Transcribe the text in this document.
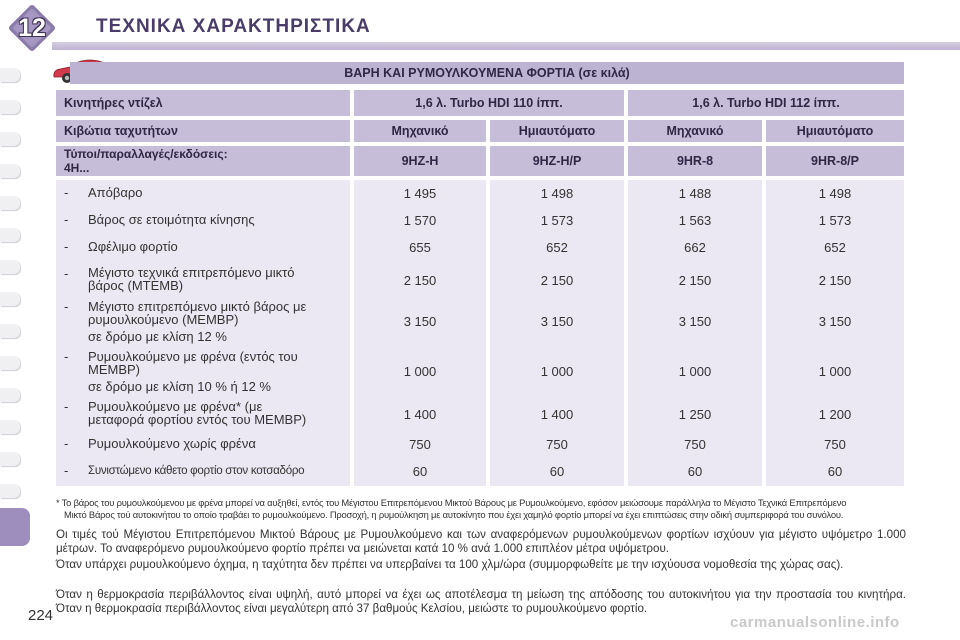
12	ΤΕΧΝΙΚΑ ΧΑΡΑΚΤΗΡΙΣΤΙΚΑ
ΒΑΡΗ ΚΑΙ ΡΥΜΟΥΛΚΟΥΜΕΝΑ ΦΟΡΤΙΑ (σε κιλά)
Κινητήρες ντίζελ	1,6 λ. Turbo HDI 110 ίππ.	1,6 λ. Turbo HDI 112 ίππ.
Κιβώτια ταχυτήτων	Μηχανικό	Ημιαυτόματο	Μηχανικό	Ημιαυτόματο
Τύποι/παραλλαγές/εκδόσεις:
4H...	9HZ-H	9HZ-H/P	9HR-8	9HR-8/P
- Απόβαρο	1 495	1 498	1 488	1 498
- Βάρος σε ετοιμότητα κίνησης	1 570	1 573	1 563	1 573
- Ωφέλιμο φορτίο	655	652	662	652
- Μέγιστο τεχνικά επιτρεπόμενο μικτό
βάρος (MTEMB)	2 150	2 150	2 150	2 150
- Μέγιστο επιτρεπόμενο μικτό βάρος με
ρυμουλκούμενο (MEMBP)
σε δρόμο με κλίση 12 %
3 150	3 150	3 150	3 150
- Ρυμουλκούμενο με φρένα (εντός του
MEMBP)
σε δρόμο με κλίση 10 % ή 12 %
1 000	1 000	1 000	1 000
- Ρυμουλκούμενο με φρένα* (με
μεταφορά φορτίου εντός του MEMBP)	1 400	1 400	1 250	1 200
- Ρυμουλκούμενο χωρίς φρένα	750	750	750	750
- Συνιστώμενο κάθετο φορτίο στον κοτσαδόρο	60	60	60	60
* Το βάρος του ρυμουλκούμενου με φρένα μπορεί να αυξηθεί, εντός του Μέγιστου Επιτρεπόμενου Μικτού Βάρους με Ρυμουλκούμενο, εφόσον μειώσουμε παράλληλα το Μέγιστο Τεχνικά Επιτρεπόμενο
Μικτό Βάρος τού αυτοκινήτου το οποίο τραβάει το ρυμουλκούμενο. Προσοχή, η ρυμούλκηση με αυτοκίνητο που έχει χαμηλό φορτίο μπορεί να έχει επιπτώσεις στην οδική συμπεριφορά του συνόλου.
Οι τιμές τού Μέγιστου Επιτρεπόμενου Μικτού Βάρους με Ρυμουλκούμενο και των αναφερόμενων ρυμουλκούμενων φορτίων ισχύουν για μέγιστο υψόμετρο 1.000 μέτρων. Το αναφερόμενο ρυμουλκούμενο φορτίο πρέπει να μειώνεται κατά 10 % ανά 1.000 επιπλέον μέτρα υψόμετρου.
Όταν υπάρχει ρυμουλκούμενο όχημα, η ταχύτητα δεν πρέπει να υπερβαίνει τα 100 χλμ/ώρα (συμμορφωθείτε με την ισχύουσα νομοθεσία της χώρας σας).
Όταν η θερμοκρασία περιβάλλοντος είναι υψηλή, αυτό μπορεί να έχει ως αποτέλεσμα τη μείωση της απόδοσης του αυτοκινήτου για την προστασία του κινητήρα. Όταν η θερμοκρασία περιβάλλοντος είναι μεγαλύτερη από 37 βαθμούς Κελσίου, μειώστε το ρυμουλκούμενο φορτίο.
224	carmanualsonline.info
